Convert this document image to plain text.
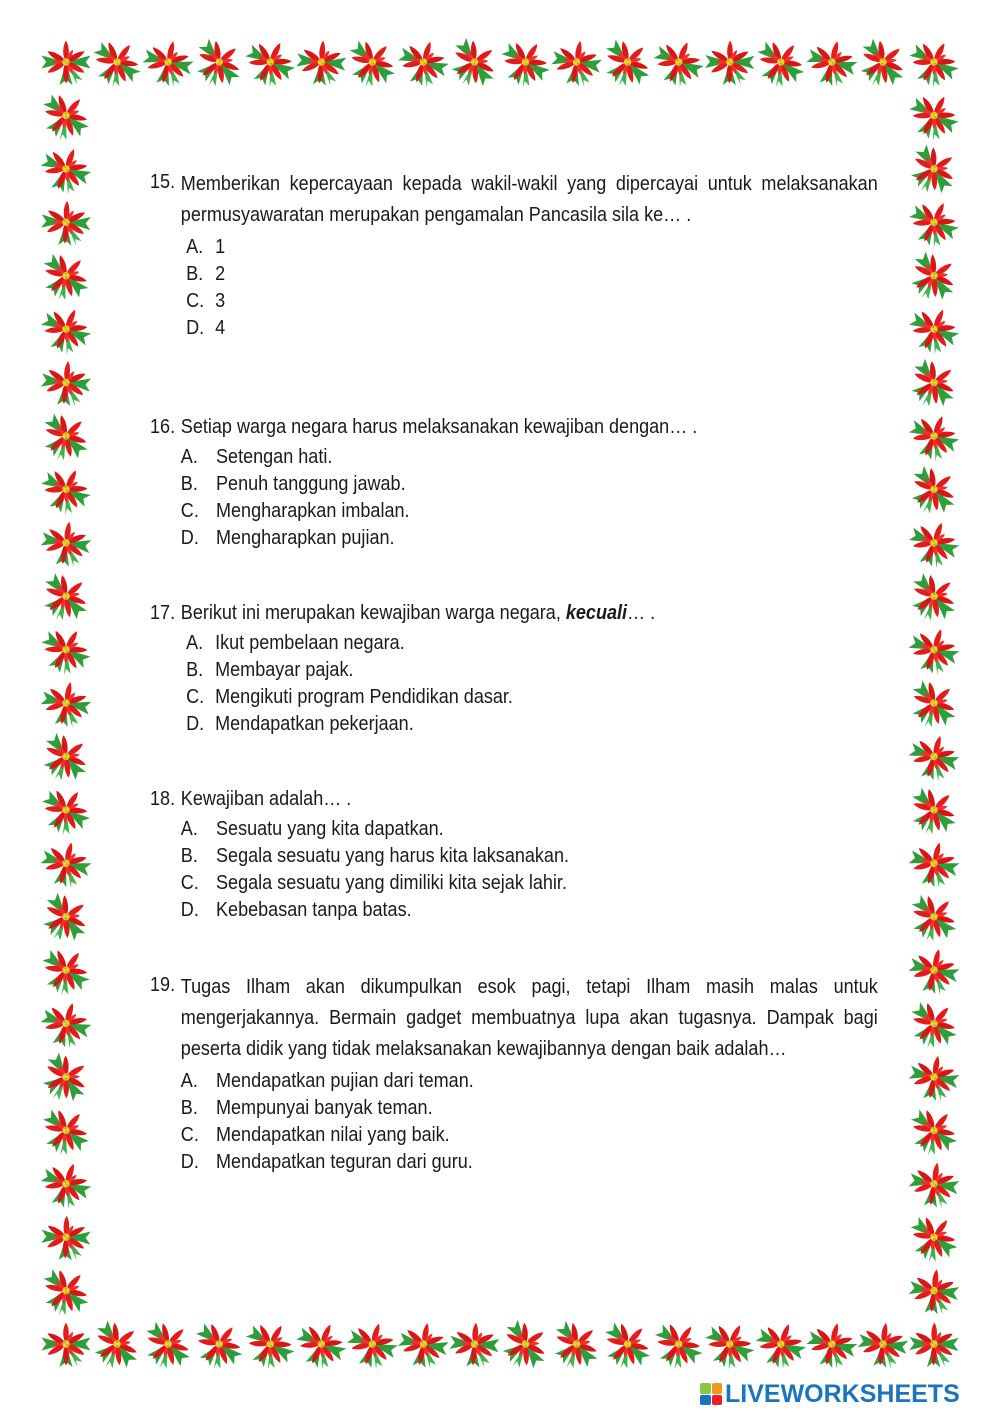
15. Memberikan kepercayaan kepada wakil-wakil yang dipercayai untuk melaksanakan permusyawaratan merupakan pengamalan Pancasila sila ke… .
A. 1
B. 2
C. 3
D. 4
16. Setiap warga negara harus melaksanakan kewajiban dengan… .
A. Setengan hati.
B. Penuh tanggung jawab.
C. Mengharapkan imbalan.
D. Mengharapkan pujian.
17. Berikut ini merupakan kewajiban warga negara, kecuali… .
A. Ikut pembelaan negara.
B. Membayar pajak.
C. Mengikuti program Pendidikan dasar.
D. Mendapatkan pekerjaan.
18. Kewajiban adalah… .
A. Sesuatu yang kita dapatkan.
B. Segala sesuatu yang harus kita laksanakan.
C. Segala sesuatu yang dimiliki kita sejak lahir.
D. Kebebasan tanpa batas.
19. Tugas Ilham akan dikumpulkan esok pagi, tetapi Ilham masih malas untuk mengerjakannya. Bermain gadget membuatnya lupa akan tugasnya. Dampak bagi peserta didik yang tidak melaksanakan kewajibannya dengan baik adalah…
A. Mendapatkan pujian dari teman.
B. Mempunyai banyak teman.
C. Mendapatkan nilai yang baik.
D. Mendapatkan teguran dari guru.
LIVEWORKSHEETS
